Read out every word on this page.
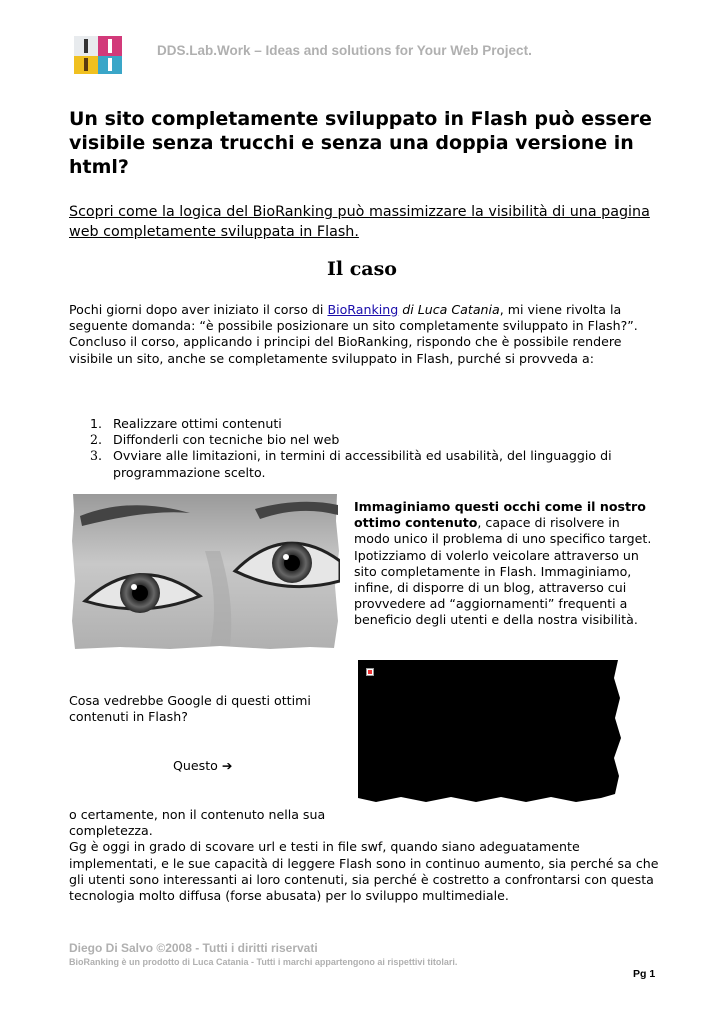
DDS.Lab.Work – Ideas and solutions for Your Web Project.
Un sito completamente sviluppato in Flash può essere visibile senza trucchi e senza una doppia versione in html?
Scopri come la logica del BioRanking può massimizzare la visibilità di una pagina web completamente sviluppata in Flash.
Il caso

Pochi giorni dopo aver iniziato il corso di BioRanking di Luca Catania, mi viene rivolta la seguente domanda: “è possibile posizionare un sito completamente sviluppato in Flash?”.
Concluso il corso, applicando i principi del BioRanking, rispondo che è possibile rendere visibile un sito, anche se completamente sviluppato in Flash, purché si provveda a:

1. Realizzare ottimi contenuti
2. Diffonderli con tecniche bio nel web
3. Ovviare alle limitazioni, in termini di accessibilità ed usabilità, del linguaggio di programmazione scelto.

Immaginiamo questi occhi come il nostro ottimo contenuto, capace di risolvere in modo unico il problema di uno specifico target. Ipotizziamo di volerlo veicolare attraverso un sito completamente in Flash. Immaginiamo, infine, di disporre di un blog, attraverso cui provvedere ad “aggiornamenti” frequenti a beneficio degli utenti e della nostra visibilità.

Cosa vedrebbe Google di questi ottimi contenuti in Flash?

Questo ➔

o certamente, non il contenuto nella sua completezza.
Gg è oggi in grado di scovare url e testi in file swf, quando siano adeguatamente implementati, e le sue capacità di leggere Flash sono in continuo aumento, sia perché sa che gli utenti sono interessanti ai loro contenuti, sia perché è costretto a confrontarsi con questa tecnologia molto diffusa (forse abusata) per lo sviluppo multimediale.

Diego Di Salvo ©2008 - Tutti i diritti riservati
BioRanking è un prodotto di Luca Catania - Tutti i marchi appartengono ai rispettivi titolari.
Pg 1
